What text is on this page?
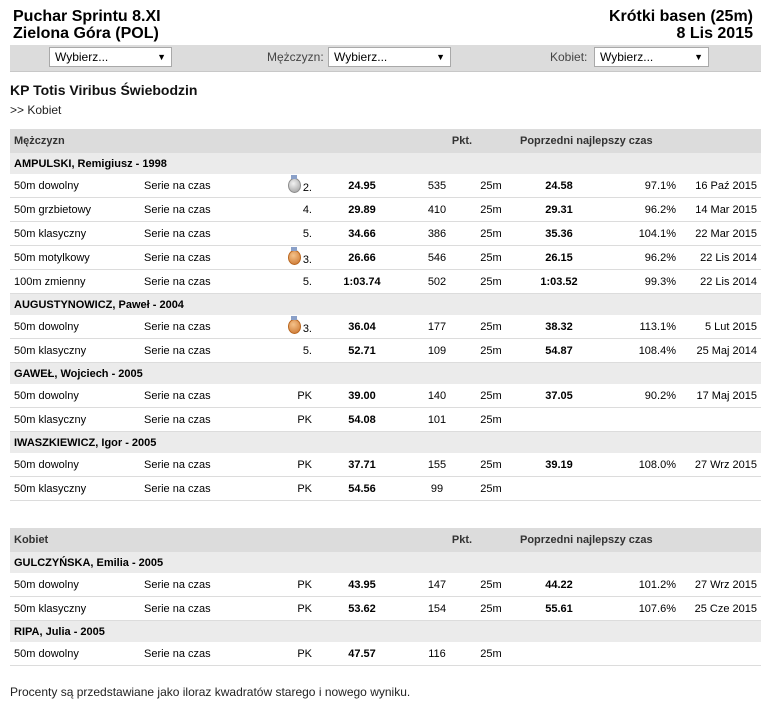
Puchar Sprintu 8.XI
Zielona Góra (POL)
Krótki basen (25m)
8 Lis 2015
Wybierz...	▼	Mężczyzn: Wybierz...	▼	Kobiet:	Wybierz...	▼
KP Totis Viribus Świebodzin
>> Kobiet
Mężczyzn				Pkt.		Poprzedni najlepszy czas		
AMPULSKI, Remigiusz - 1998								
50m dowolny	Serie na czas	2.	24.95	535	25m	24.58	97.1%	16 Paź 2015
50m grzbietowy	Serie na czas	4.	29.89	410	25m	29.31	96.2%	14 Mar 2015
50m klasyczny	Serie na czas	5.	34.66	386	25m	35.36	104.1%	22 Mar 2015
50m motylkowy	Serie na czas	3.	26.66	546	25m	26.15	96.2%	22 Lis 2014
100m zmienny	Serie na czas	5.	1:03.74	502	25m	1:03.52	99.3%	22 Lis 2014
AUGUSTYNOWICZ, Paweł - 2004								
50m dowolny	Serie na czas	3.	36.04	177	25m	38.32	113.1%	5 Lut 2015
50m klasyczny	Serie na czas	5.	52.71	109	25m	54.87	108.4%	25 Maj 2014
GAWEŁ, Wojciech - 2005								
50m dowolny	Serie na czas	PK	39.00	140	25m	37.05	90.2%	17 Maj 2015
50m klasyczny	Serie na czas	PK	54.08	101	25m			
IWASZKIEWICZ, Igor - 2005								
50m dowolny	Serie na czas	PK	37.71	155	25m	39.19	108.0%	27 Wrz 2015
50m klasyczny	Serie na czas	PK	54.56	99	25m			
Kobiet				Pkt.		Poprzedni najlepszy czas		
GULCZYŃSKA, Emilia - 2005								
50m dowolny	Serie na czas	PK	43.95	147	25m	44.22	101.2%	27 Wrz 2015
50m klasyczny	Serie na czas	PK	53.62	154	25m	55.61	107.6%	25 Cze 2015
RIPA, Julia - 2005								
50m dowolny	Serie na czas	PK	47.57	116	25m			
Procenty są przedstawiane jako iloraz kwadratów starego i nowego wyniku.
